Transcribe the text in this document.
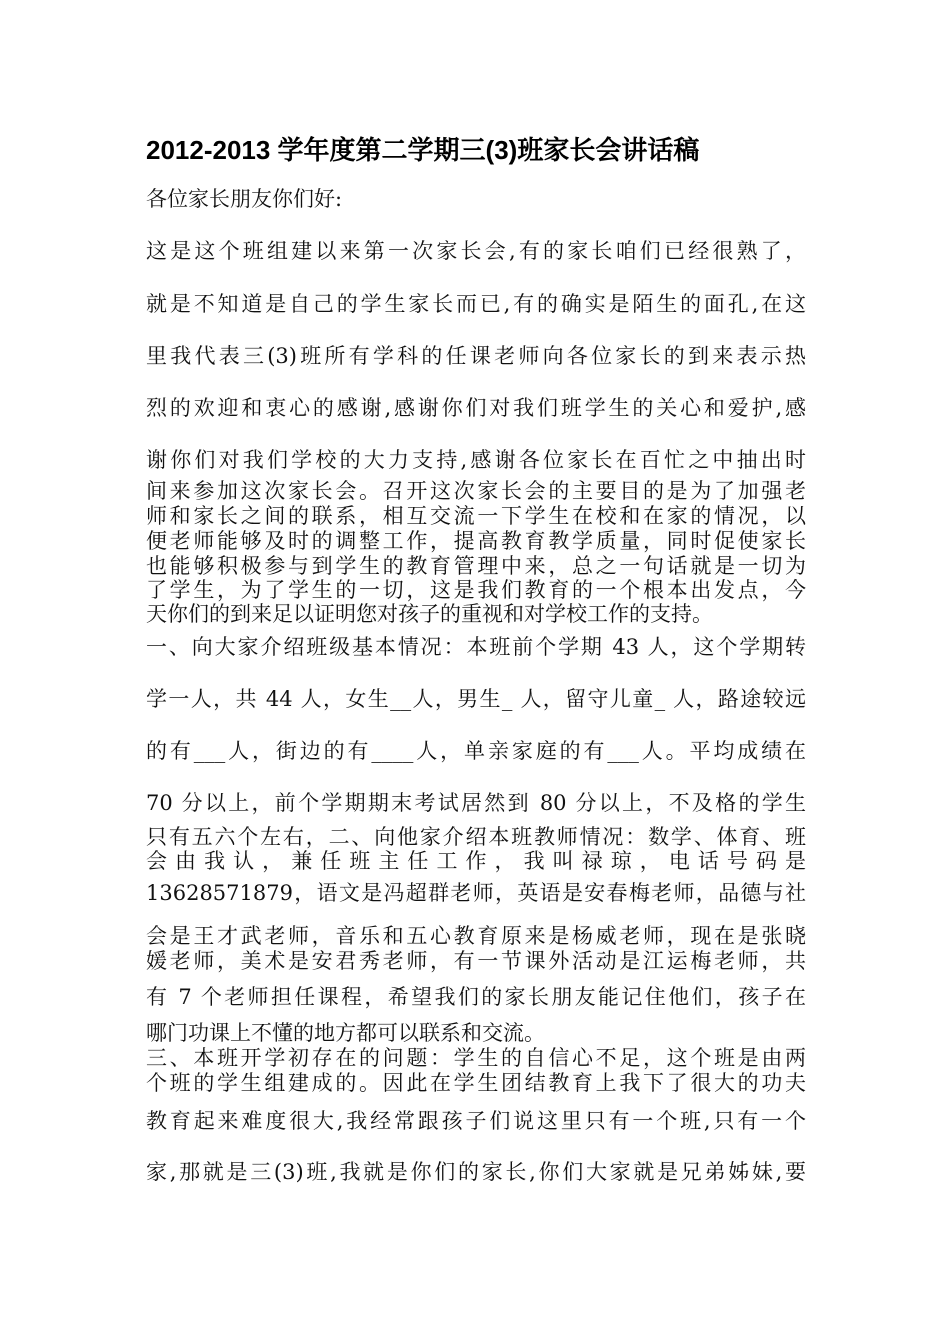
2012-2013 学年度第二学期三(3)班家长会讲话稿
各位家长朋友你们好:
这是这个班组建以来第一次家长会,有的家长咱们已经很熟了，
就是不知道是自己的学生家长而已,有的确实是陌生的面孔,在这
里我代表三(3)班所有学科的任课老师向各位家长的到来表示热
烈的欢迎和衷心的感谢,感谢你们对我们班学生的关心和爱护,感
谢你们对我们学校的大力支持,感谢各位家长在百忙之中抽出时
间来参加这次家长会。召开这次家长会的主要目的是为了加强老
师和家长之间的联系，相互交流一下学生在校和在家的情况，以
便老师能够及时的调整工作，提高教育教学质量，同时促使家长
也能够积极参与到学生的教育管理中来，总之一句话就是一切为
了学生，为了学生的一切，这是我们教育的一个根本出发点，今
天你们的到来足以证明您对孩子的重视和对学校工作的支持。
一、向大家介绍班级基本情况：本班前个学期 43 人，这个学期转
学一人，共 44 人，女生__人，男生_ 人，留守儿童_ 人，路途较远
的有___人，街边的有____人，单亲家庭的有___人。平均成绩在
70 分以上，前个学期期末考试居然到 80 分以上，不及格的学生
只有五六个左右，二、向他家介绍本班教师情况：数学、体育、班
会 由 我 认 ， 兼 任 班 主 任 工 作 ， 我 叫 禄 琼 ， 电 话 号 码 是
13628571879，语文是冯超群老师，英语是安春梅老师，品德与社
会是王才武老师，音乐和五心教育原来是杨威老师，现在是张晓
媛老师，美术是安君秀老师，有一节课外活动是江运梅老师，共
有 7 个老师担任课程，希望我们的家长朋友能记住他们，孩子在
哪门功课上不懂的地方都可以联系和交流。
三、本班开学初存在的问题：学生的自信心不足，这个班是由两
个班的学生组建成的。因此在学生团结教育上我下了很大的功夫
教育起来难度很大,我经常跟孩子们说这里只有一个班,只有一个
家,那就是三(3)班,我就是你们的家长,你们大家就是兄弟姊妹,要
